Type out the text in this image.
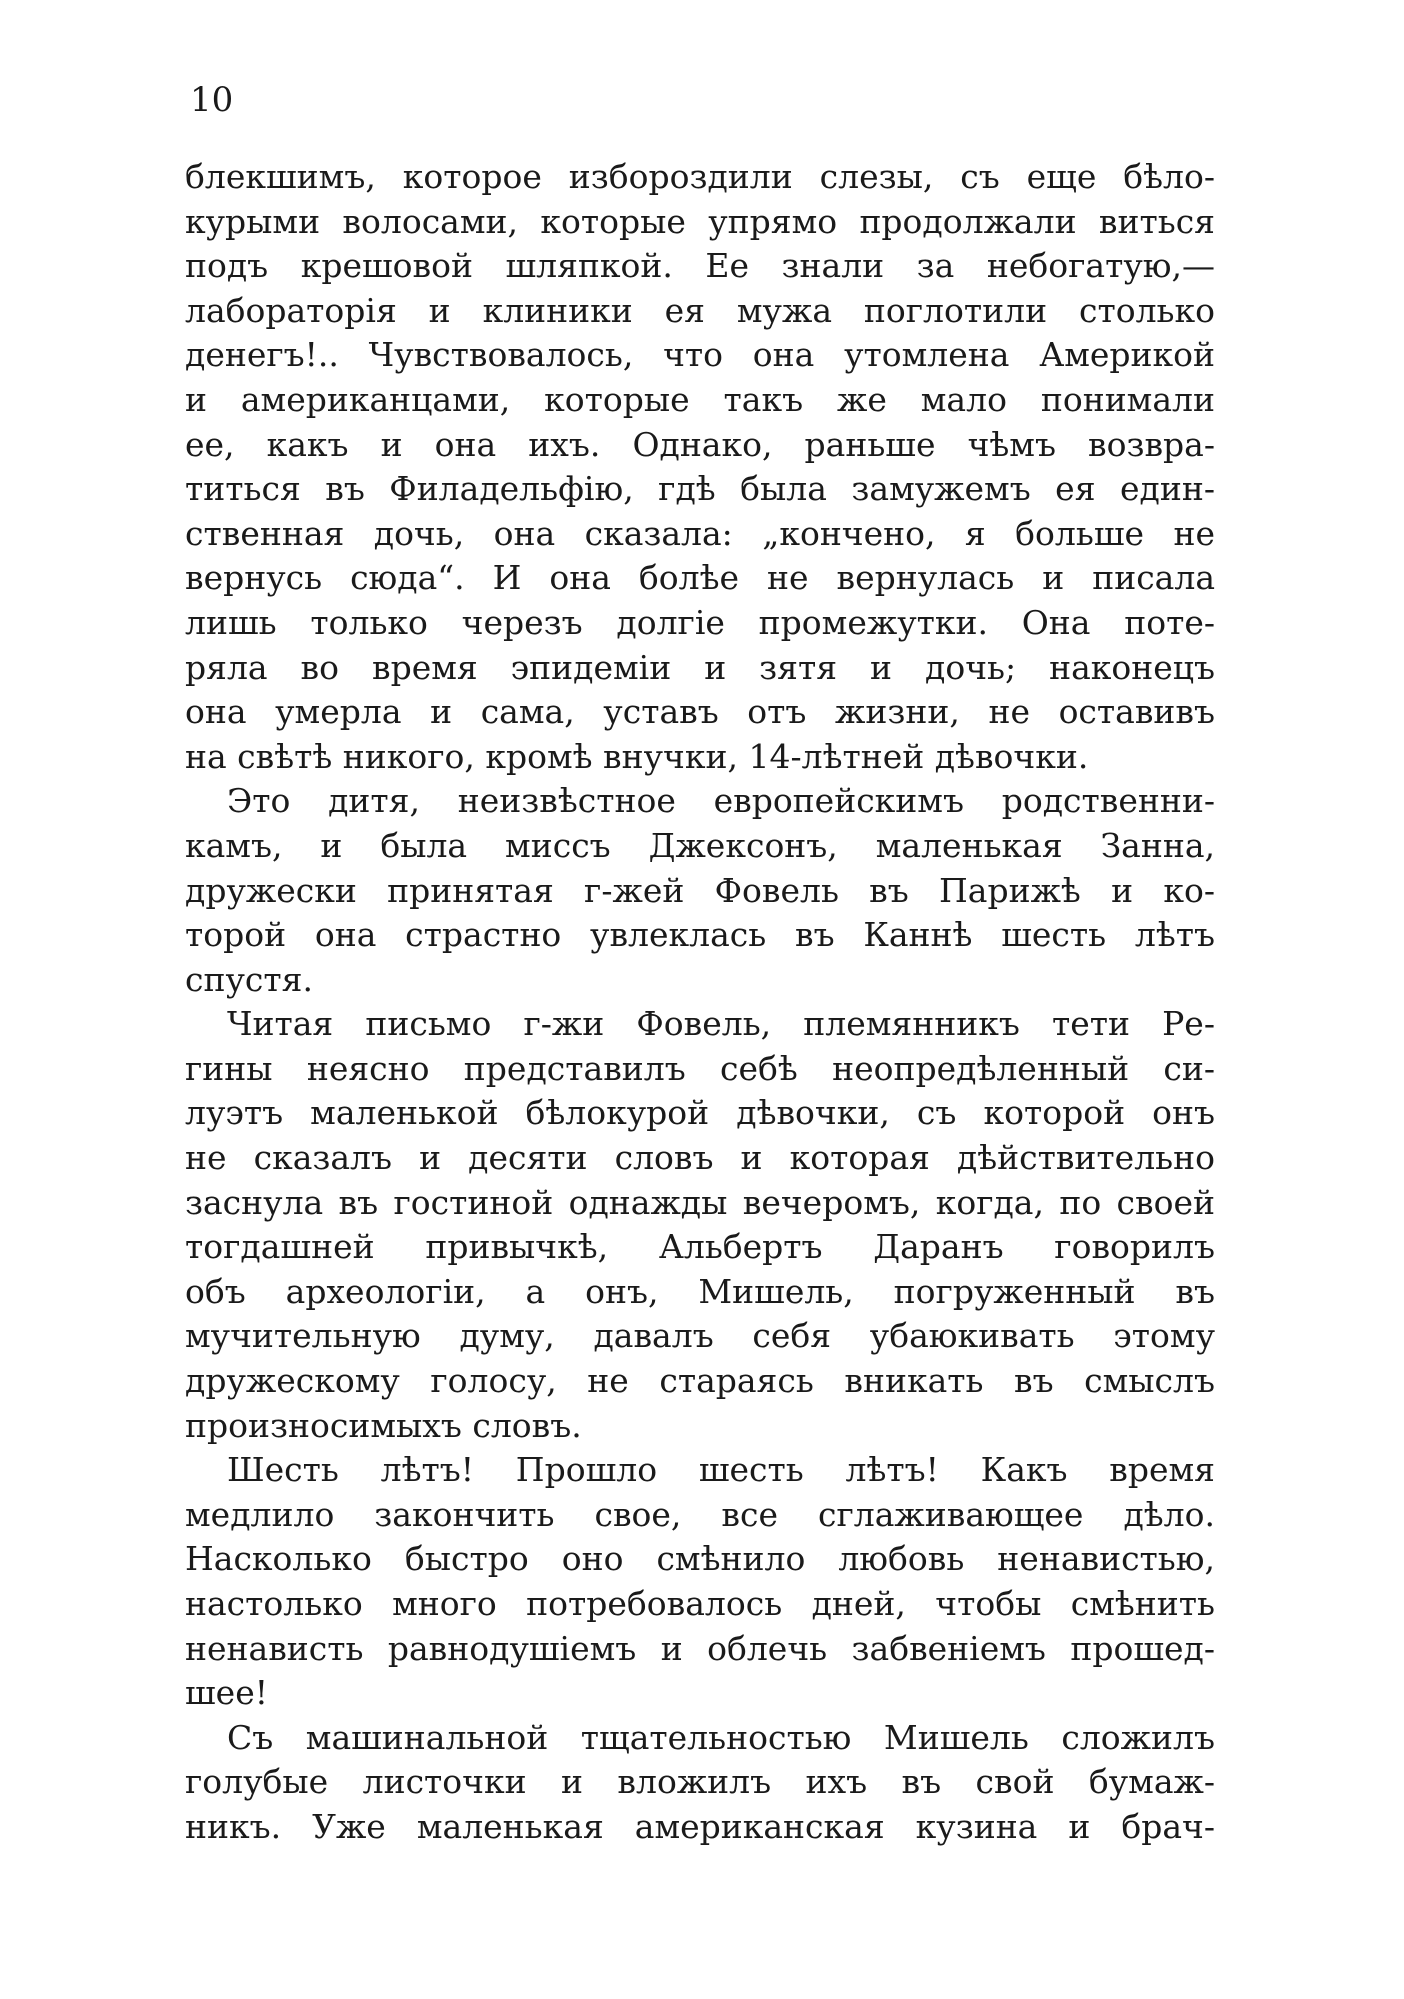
10
блекшимъ, которое избороздили слезы, съ еще бѣло-
курыми волосами, которые упрямо продолжали виться
подъ крешовой шляпкой. Ее знали за небогатую,—
лабораторія и клиники ея мужа поглотили столько
денегъ!.. Чувствовалось, что она утомлена Америкой
и американцами, которые такъ же мало понимали
ее, какъ и она ихъ. Однако, раньше чѣмъ возвра-
титься въ Филадельфію, гдѣ была замужемъ ея един-
ственная дочь, она сказала: „кончено, я больше не
вернусь сюда“. И она болѣе не вернулась и писала
лишь только черезъ долгіе промежутки. Она поте-
ряла во время эпидеміи и зятя и дочь; наконецъ
она умерла и сама, уставъ отъ жизни, не оставивъ
на свѣтѣ никого, кромѣ внучки, 14-лѣтней дѣвочки.
Это дитя, неизвѣстное европейскимъ родственни-
камъ, и была миссъ Джексонъ, маленькая Занна,
дружески принятая г-жей Фовель въ Парижѣ и ко-
торой она страстно увлеклась въ Каннѣ шесть лѣтъ
спустя.
Читая письмо г-жи Фовель, племянникъ тети Ре-
гины неясно представилъ себѣ неопредѣленный си-
луэтъ маленькой бѣлокурой дѣвочки, съ которой онъ
не сказалъ и десяти словъ и которая дѣйствительно
заснула въ гостиной однажды вечеромъ, когда, по своей
тогдашней привычкѣ, Альбертъ Даранъ говорилъ
объ археологіи, а онъ, Мишель, погруженный въ
мучительную думу, давалъ себя убаюкивать этому
дружескому голосу, не стараясь вникать въ смыслъ
произносимыхъ словъ.
Шесть лѣтъ! Прошло шесть лѣтъ! Какъ время
медлило закончить свое, все сглаживающее дѣло.
Насколько быстро оно смѣнило любовь ненавистью,
настолько много потребовалось дней, чтобы смѣнить
ненависть равнодушіемъ и облечь забвеніемъ прошед-
шее!
Съ машинальной тщательностью Мишель сложилъ
голубые листочки и вложилъ ихъ въ свой бумаж-
никъ. Уже маленькая американская кузина и брач-
